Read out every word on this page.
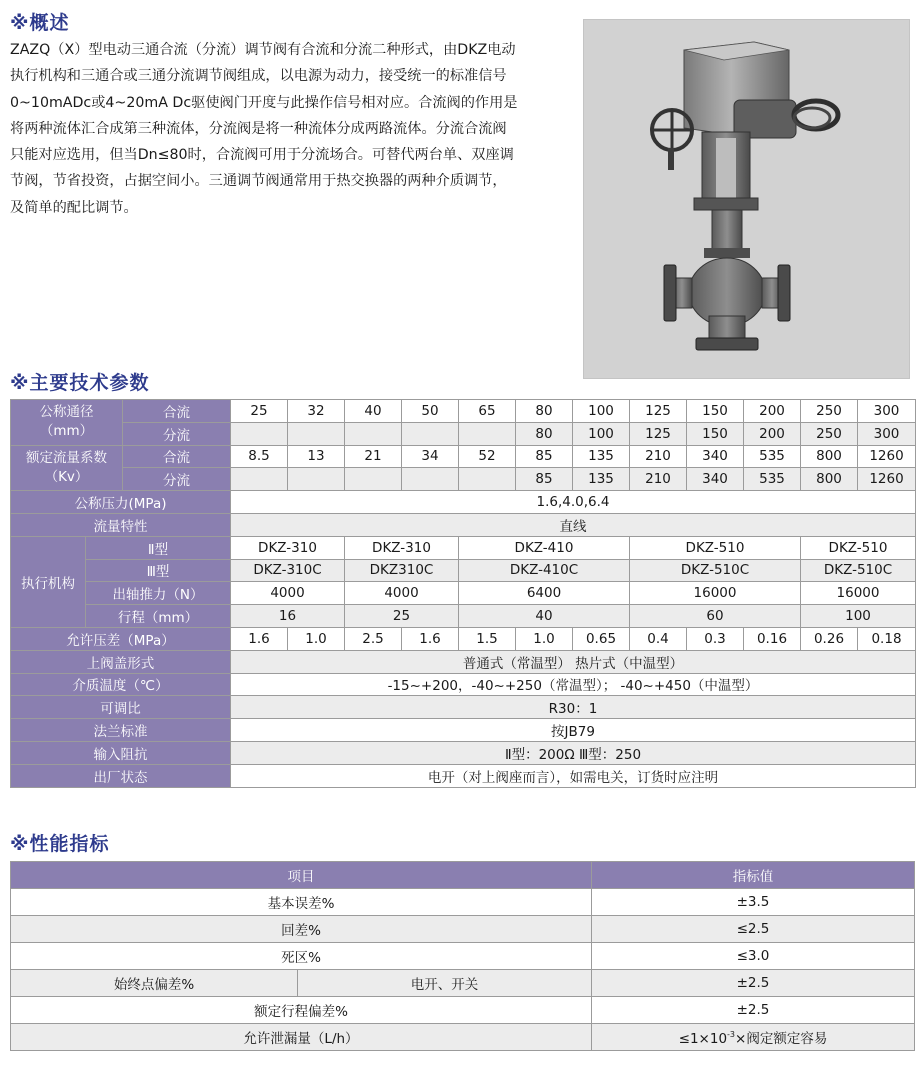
※概述
ZAZQ（X）型电动三通合流（分流）调节阀有合流和分流二种形式，由DKZ电动
执行机构和三通合或三通分流调节阀组成，以电源为动力，接受统一的标准信号
0~10mADc或4~20mA Dc驱使阀门开度与此操作信号相对应。合流阀的作用是
将两种流体汇合成第三种流体，分流阀是将一种流体分成两路流体。分流合流阀
只能对应选用，但当Dn≤80时，合流阀可用于分流场合。可替代两台单、双座调
节阀，节省投资，占据空间小。三通调节阀通常用于热交换器的两种介质调节，
及简单的配比调节。
※主要技术参数
公称通径
（mm）		合流	25	32	40	50	65	80	100	125	150	200	250	300
		分流						80	100	125	150	200	250	300
额定流量系数
（Kv）		合流	8.5	13	21	34	52	85	135	210	340	535	800	1260
		分流						85	135	210	340	535	800	1260
公称压力(MPa)			1.6,4.0,6.4											
流量特性			直线											
执行机构	Ⅱ型		DKZ-310		DKZ-310		DKZ-410			DKZ-510			DKZ-510	
	Ⅲ型		DKZ-310C		DKZ310C		DKZ-410C			DKZ-510C			DKZ-510C	
	出轴推力（N）		4000		4000		6400			16000			16000	
	行程（mm）		16		25		40			60			100	
允许压差（MPa）			1.6	1.0	2.5	1.6	1.5	1.0	0.65	0.4	0.3	0.16	0.26	0.18
上阀盖形式			普通式（常温型） 热片式（中温型）											
介质温度（℃）			-15~+200，-40~+250（常温型）； -40~+450（中温型）											
可调比			R30：1											
法兰标准			按JB79											
输入阻抗			Ⅱ型：200Ω Ⅲ型：250											
出厂状态			电开（对上阀座而言），如需电关，订货时应注明											
※性能指标
项目		指标值
基本误差%		±3.5
回差%		≤2.5
死区%		≤3.0
始终点偏差%	电开、开关	±2.5
额定行程偏差%		±2.5
允许泄漏量（L/h）		$\le 1\times 10^{-3}\times$阀定额定容易
